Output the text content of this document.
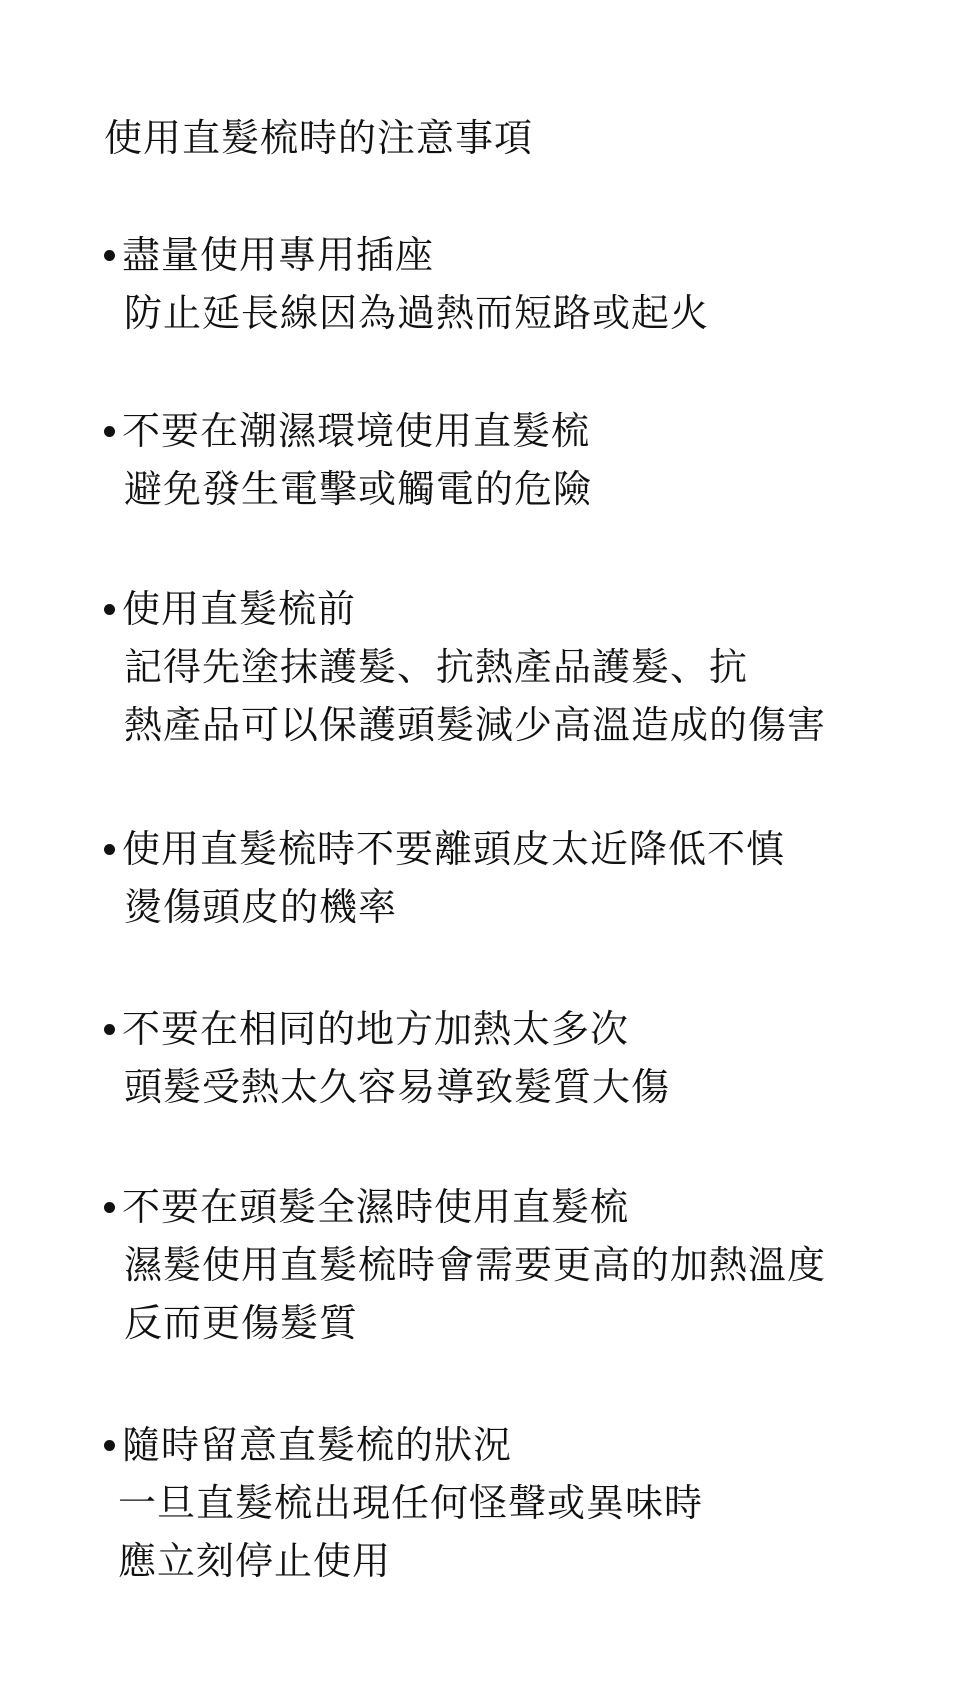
使用直髮梳時的注意事項
盡量使用專用插座
防止延長線因為過熱而短路或起火
不要在潮濕環境使用直髮梳
避免發生電擊或觸電的危險
使用直髮梳前
記得先塗抹護髮、抗熱產品護髮、抗
熱產品可以保護頭髮減少高溫造成的傷害
使用直髮梳時不要離頭皮太近降低不慎
燙傷頭皮的機率
不要在相同的地方加熱太多次
頭髮受熱太久容易導致髮質大傷
不要在頭髮全濕時使用直髮梳
濕髮使用直髮梳時會需要更高的加熱溫度
反而更傷髮質
隨時留意直髮梳的狀況
一旦直髮梳出現任何怪聲或異味時
應立刻停止使用
